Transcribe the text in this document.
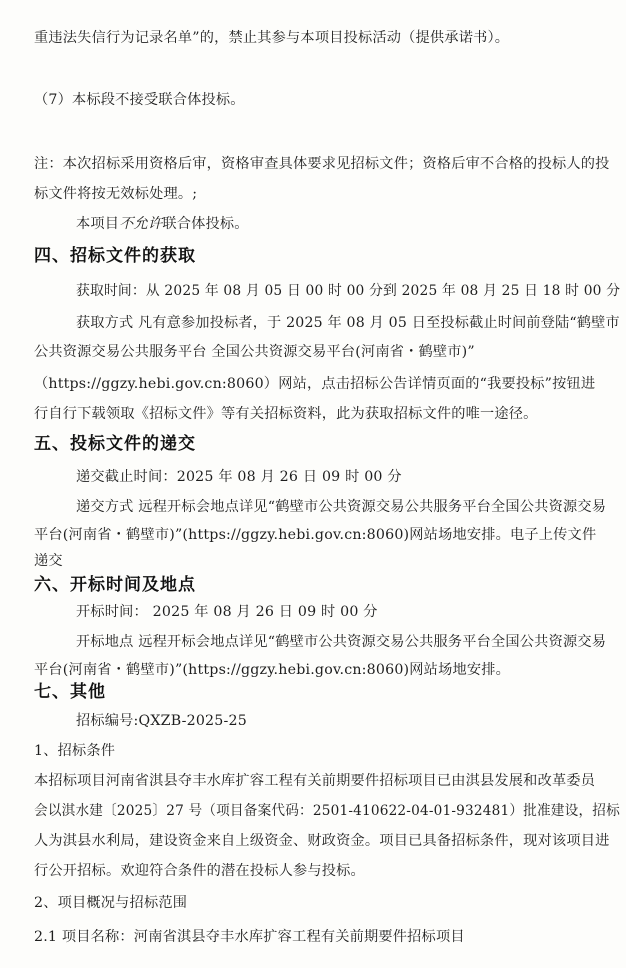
重违法失信行为记录名单”的，禁止其参与本项目投标活动（提供承诺书）。
（7）本标段不接受联合体投标。
注：本次招标采用资格后审，资格审查具体要求见招标文件；资格后审不合格的投标人的投
标文件将按无效标处理。;
本项目不允许联合体投标。
四、招标文件的获取
获取时间：从 2025 年 08 月 05 日 00 时 00 分到 2025 年 08 月 25 日 18 时 00 分
获取方式 凡有意参加投标者，于 2025 年 08 月 05 日至投标截止时间前登陆“鹤壁市
公共资源交易公共服务平台 全国公共资源交易平台(河南省・鹤壁市)”
（https://ggzy.hebi.gov.cn:8060）网站，点击招标公告详情页面的“我要投标”按钮进
行自行下载领取《招标文件》等有关招标资料，此为获取招标文件的唯一途径。
五、投标文件的递交
递交截止时间：2025 年 08 月 26 日 09 时 00 分
递交方式 远程开标会地点详见“鹤壁市公共资源交易公共服务平台全国公共资源交易
平台(河南省・鹤壁市)”(https://ggzy.hebi.gov.cn:8060)网站场地安排。电子上传文件
递交
六、开标时间及地点
开标时间： 2025 年 08 月 26 日 09 时 00 分
开标地点 远程开标会地点详见“鹤壁市公共资源交易公共服务平台全国公共资源交易
平台(河南省・鹤壁市)”(https://ggzy.hebi.gov.cn:8060)网站场地安排。
七、其他
招标编号:QXZB-2025-25
1、招标条件
本招标项目河南省淇县夺丰水库扩容工程有关前期要件招标项目已由淇县发展和改革委员
会以淇水建〔2025〕27 号（项目备案代码：2501-410622-04-01-932481）批准建设，招标
人为淇县水利局，建设资金来自上级资金、财政资金。项目已具备招标条件，现对该项目进
行公开招标。欢迎符合条件的潜在投标人参与投标。
2、项目概况与招标范围
2.1 项目名称：河南省淇县夺丰水库扩容工程有关前期要件招标项目
